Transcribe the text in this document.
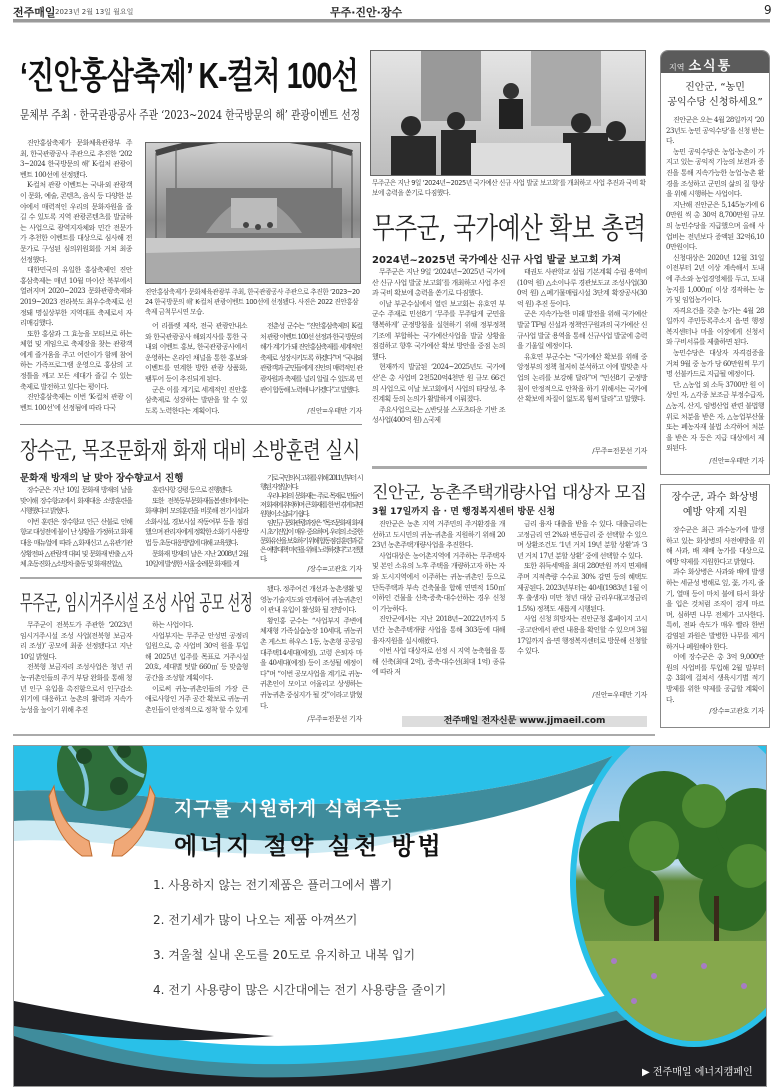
전주매일 2023년 2월 13일 월요일	무주·진안·장수	9
‘진안홍삼축제’ K-컬처 100선
문체부 주최 · 한국관광공사 주관 ‘2023~2024 한국방문의 해’ 관광이벤트 선정

진안홍삼축제가 문화체육관광부 주최, 한국관광공사 주관으로 추진한 ‘2023~2024 한국방문의 해’ K-컬처 관광이벤트 100선에 선정됐다.

K-컬처 관광 이벤트는 국내·외 관광객이 문화, 예술, 콘텐츠, 음식 등 다양한 분야에서 매력적인 우리의 문화자원을 즐길 수 있도록 지역 관광콘텐츠를 발굴하는 사업으로 광역지자체와 민간 전문가가 추천한 이벤트를 대상으로 심사해 전문가로 구성된 심의위원회를 거쳐 최종 선정했다.

대한민국의 유일한 홍삼축제인 진안홍삼축제는 매년 10월 마이산 북부에서 열려지며 2020~2023 문화관광축제와 2019~2023 전라북도 최우수축제로 선정돼 명실상부한 지역대표 축제로서 자리매김했다.

또한 홍삼과 그 효능을 모티브로 하는 체험 및 게임으로 축제장을 찾는 관광객에게 즐거움을 주고 어린이가 함께 참여하는 가족프로그램 운영으로 홍삼의 고정틀을 깨고 모든 세대가 즐길 수 있는 축제로 발전하고 있다는 평이다.

진안홍삼축제는 이번 ‘K-컬처 관광 이벤트 100선’에 선정됨에 따라 다국

진안홍삼축제가 문화체육관광부 주최, 한국관광공사 주관으로 추진한 ‘2023~2024 한국방문의 해’ K-컬처 관광이벤트 100선에 선정됐다. 사진은 2022 진안홍삼축제 금척무시연 모습.

어 리플렛 제작, 전국 관광안내소와 한국관광공사 해외지사를 통한 국내외 이벤트 홍보, 한국관광공사에서 운영하는 온라인 채널을 통한 홍보와 이벤트를 연계한 방한 관광 상품화, 팸투어 등이 추진되게 된다.

군은 이를 계기로 세계적인 진안홍삼축제로 성장하는 발판을 할 수 있도록 노력한다는 계획이다.

전춘성 군수는 “진안홍삼축제의 K-컬처 관광 이벤트 100선 선정과 한국 방문의 해가 계기가 돼 진안홍삼축제를 세계적인 축제로 성장시키도록 하겠다”며 “국내외 관광객과 군민들에게 진안의 매력적인 관광자원과 축제를 널리 알릴 수 있도록 민관이 합동해 노력해 나가겠다”고 말했다.

/진안=우태만 기자
무주군은 지난 9일 ‘2024년~2025년 국가예산 신규 사업 발굴 보고회’를 개최하고 사업 추진과 국비 확보에 총력을 쏟기로 다짐했다.
무주군, 국가예산 확보 총력
2024년~2025년 국가예산 신규 사업 발굴 보고회 가져

무주군은 지난 9일 ‘2024년~2025년 국가예산 신규 사업 발굴 보고회’를 개최하고 사업 추진과 국비 확보에 총력을 쏟기로 다짐했다.

이날 부군수실에서 열린 보고회는 유호연 부군수 주재로 민선8기 ‘무주를 무주답게 군민을 행복하게’ 군정방침을 실현하기 위해 정부정책기조에 부합하는 국가예산사업을 발굴 상황을 점검하고 향후 국가예산 확보 방안을 중점 논의했다.

현재까지 발굴된 ‘2024~2025년도 국가예산’은 총 사업비 2천520억4천만 원 규모 66건의 사업으로 이날 보고회에서 사업의 타당성, 추진계획 등의 논의가 활발하게 이뤄졌다.

주요사업으로는 △반딧불 스포츠타운 기반 조성사업(400억 원) △국제

태권도 사관학교 설립 기본계획 수립 용역비(10억 원) △소이나루 경관보도교 조성사업(300억 원) △폐기물매립시설 3단계 확장공사(30억 원) 추진 등이다.

군은 지속가능한 미래 발전을 위해 국가예산 발굴 TF팀 신설과 정책연구원과의 국가예산 신규사업 발굴 용역을 통해 신규사업 발굴에 총력을 기울일 예정이다.

유호연 부군수는 “국가예산 확보를 위해 중앙정부의 정책 철저히 분석하고 이에 발맞춘 사업의 논리를 보강해 달라”며 “민선8기 군정방침이 안정적으로 안착을 하기 위해서는 국가예산 확보에 차질이 없도록 힘써 달라”고 말했다.

/무주=전문선 기자
지역 소식통
진안군, “농민
공익수당 신청하세요”

진안군은 오는 4월 28일까지 ‘2023년도 농민 공익수당’을 신청 받는다.

농민 공익수당은 농업·농촌이 가지고 있는 공익적 기능의 보전과 증진을 통해 지속가능한 농업·농촌 환경을 조성하고 군민의 삶의 질 향상을 위해 시행하는 사업이다.

지난해 진안군은 5,145농가에 60만원 씩 총 30억 8,700만원 규모의 농민수당을 지급했으며 올해 사업비는 전년보다 증액된 32억6,100만원이다.

신청대상은 2020년 12월 31일 이전부터 2년 이상 계속해서 도내에 주소와 농업경영체를 두고, 도내 농지를 1,000㎡ 이상 경작하는 농가 및 임업농가이다.

자격요건을 갖춘 농가는 4월 28일까지 주민등록주소지 읍·면 행정복지센터나 마을 이장에게 신청서와 구비서류를 제출하면 된다.

농민수당은 대상자 자격검증을 거쳐 9월 중 농가 당 60만원씩 무기명 선불카드로 지급될 예정이다.

단, △농업 외 소득 3700만 원 이상인 자, △각종 보조금 부정수급자, △농지, 산지, 임병산업 관련 불법행위로 처분을 받은 자, △농업부산물 또는 폐농자재 불법 소각하여 처분을 받은 자 등은 지급 대상에서 제외된다.

/진안=우태만 기자
장수군, 과수 화상병
예방 약제 지원

장수군은 최근 과수농가에 발생하고 있는 화상병의 사전예방을 위해 사과, 배 재배 농가를 대상으로 예방 약제를 지원한다고 밝혔다.

과수 화상병은 사과와 배에 발생하는 세균성 병해로 잎, 꽃, 가지, 줄기, 열매 등이 마치 불에 타서 화상을 입은 것처럼 조직이 검게 마르며, 심하면 나무 전체가 고사한다. 특히, 전파 속도가 매우 빨라 한번 감염된 과원은 발병한 나무를 제거하거나 폐원해야 한다.

이에 장수군은 총 3억 9,000만 원의 사업비를 투입해 2월 말부터 총 3회에 걸쳐서 생육시기별 적기방제를 위한 약제를 공급할 계획이다.

/장수=고관호 기자
장수군, 목조문화재 화재 대비 소방훈련 실시
문화재 방재의 날 맞아 장수향교서 진행

장수군은 지난 10일 문화재 방재의 날을 맞이해 장수향교에서 화재대응 소방훈련을 시행했다고 밝혔다.

이번 훈련은 장수향교 인근 산불로 인해 향교 대성전에 불이 난 상황을 가정하고 화재 대응 매뉴얼에 따라 △화재신고 △유관기관 상황전파 △관람객 대피 및 문화재 반출 △자체 초동진화 △소방차 출동 및 화재진압△

훈련사항 강평 등으로 진행됐다.

또한 전북동부문화재돌봄센터에서는 화재대비 모의훈련을 비롯해 전기시설과 소화시설, 경보시설 작동여부 등을 점검했으며 관리자에게 정확한 소화기 사용방법 등 초동대응방법에 대해 교육했다.

문화재 방재의 날은 지난 2008년 2월 10일에 발생한 서울 숭례문 화재를 계

기로 국민의식 고취를 위해 2011년부터 시행된 지정일이다.

우리나라의 문화재는 주로 목재로 만들어져 화재에 취약하며 큰 화재를 한 번 겪게 되면 원형이 소실되기 쉽다.

임민규 문화관광과장은 “목조문화재 화재 시 초기진압이 매우 중요하며, 우리의 소중한 문화유산을 보호하기 위해 합동점검 훈련과 같은 예방대책 마련을 위해 노력하겠다”고 전했다.

/장수=고관호 기자
무주군, 임시거주시설 조성 사업 공모 선정

무주군이 전북도가 주관한 ‘2023년 임시거주시설 조성 사업(전북형 보금자리 조성)’ 공모에 최종 선정됐다고 지난 10일 밝혔다.

전북형 보금자리 조성사업은 청년 귀농·귀촌인들의 주거 부담 완화를 통해 청년 인구 유입을 촉진함으로서 인구감소 위기에 대응하고 농촌의 활력과 지속가능성을 높이기 위해 추진

하는 사업이다.

사업부지는 무주군 안성면 공정리 일원으로, 총 사업비 30억 원을 투입해 2025년 입주를 목표로 거주시설 20호, 세대별 텃밭 660㎡ 등 맞춤형 공간을 조성할 계획이다.

이로써 귀농·귀촌인들의 가장 큰 애로사항인 거주 공간 확보로 귀농·귀촌인들이 안정적으로 정착 할 수 있게

됐다. 정주여건 개선과 농촌생활 및 영농기술지도와 연계하여 귀농귀촌인이 관내 유입이 활성화 될 전망이다.

황인홍 군수는 “사업부지 주변에 체재형 가족실습농장 10세대, 귀농귀촌 게스트 하우스 1동, 농촌형 공공임대주택14세대(예정), 고령 은퇴자 마을 40세대(예정) 등이 조성될 예정이다”며 “이번 공모사업을 계기로 귀농·귀촌인이 모이고 어울리고 상생하는 귀농귀촌 중심지가 될 것”이라고 밝혔다.

/무주=전문선 기자
진안군, 농촌주택개량사업 대상자 모집
3월 17일까지 읍 · 면 행정복지센터 방문 신청

진안군은 농촌 지역 거주민의 주거환경을 개선하고 도시민의 귀농·귀촌을 지원하기 위해 2023년 농촌주택개량사업을 추진한다.

사업대상은 농어촌지역에 거주하는 무주택자 및 본인 소유의 노후 주택을 개량하고자 하는 자와 도시지역에서 이주하는 귀농·귀촌인 등으로 단독주택과 부속 건축물을 합해 연면적 150㎡ 이하인 건물을 신축·증축·대수선하는 경우 신청이 가능하다.

진안군에서는 지난 2018년~2022년까지 5년간 농촌주택개량 사업을 통해 303동에 대해 융자지원을 실시해왔다.

이번 사업 대상자로 선정 시 지역 농축협을 통해 신축(최대 2억), 증축·대수선(최대 1억) 종류에 따라 저

금리 융자 대출을 받을 수 있다. 대출금리는 고정금리 연 2%와 변동금리 중 선택할 수 있으며 상환조건도 ‘1년 거치 19년 분할 상환’과 ‘3년 거치 17년 분할 상환’ 중에 선택할 수 있다.

또한 취득세액을 최대 280만원 까지 면제해주며 지적측량 수수료 30% 감면 등의 혜택도 제공된다. 2023년부터는 40세(1983년 1월 이후 출생자) 미만 청년 대상 금리우대(고정금리 1.5%) 정책도 새롭게 시행된다.

사업 신청 희망자는 진안군청 홈페이지 고시·공고란에서 관련 내용을 확인할 수 있으며 3월 17일까지 읍·면 행정복지센터로 방문해 신청할 수 있다.

/진안=우태만 기자
전주매일 전자신문 www.jjmaeil.com
지구를 시원하게 식혀주는
에너지 절약 실천 방법
1. 사용하지 않는 전기제품은 플러그에서 뽑기
2. 전기세가 많이 나오는 제품 아껴쓰기
3. 겨울철 실내 온도를 20도로 유지하고 내복 입기
4. 전기 사용량이 많은 시간대에는 전기 사용량을 줄이기
▶ 전주매일 에너지캠페인
